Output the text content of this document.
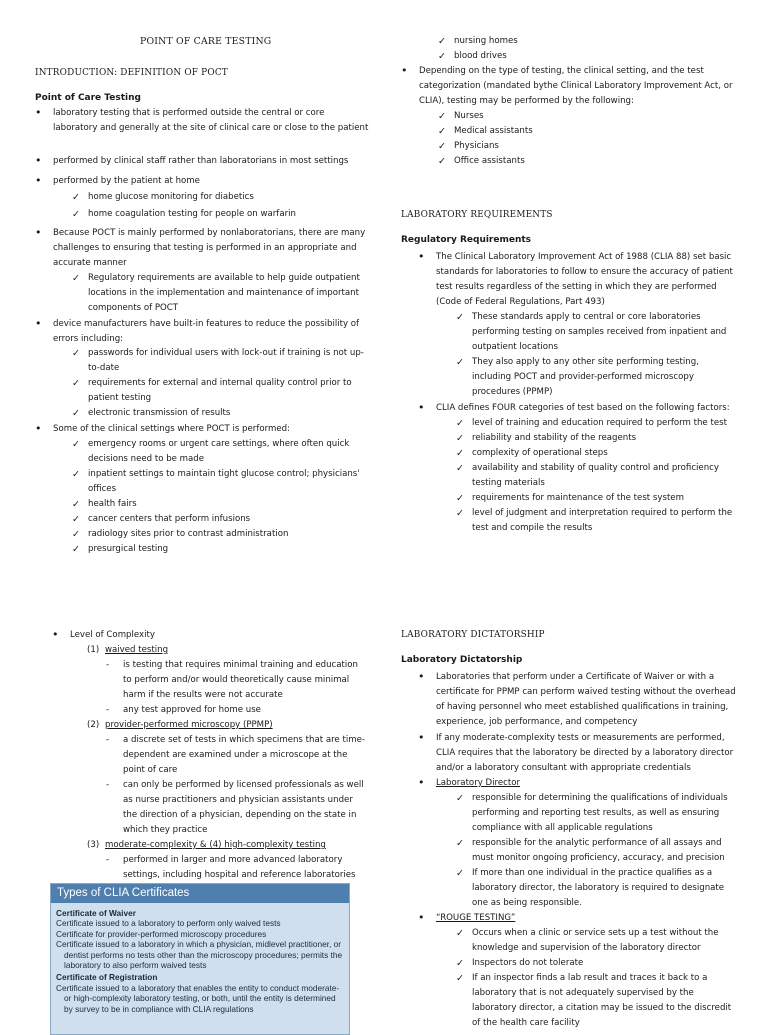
POINT OF CARE TESTING
INTRODUCTION: DEFINITION OF POCT
Point of Care Testing
• laboratory testing that is performed outside the central or core laboratory and generally at the site of clinical care or close to the patient
• performed by clinical staff rather than laboratorians in most settings
• performed by the patient at home
✓ home glucose monitoring for diabetics
✓ home coagulation testing for people on warfarin
• Because POCT is mainly performed by nonlaboratorians, there are many challenges to ensuring that testing is performed in an appropriate and accurate manner
✓ Regulatory requirements are available to help guide outpatient locations in the implementation and maintenance of important components of POCT
• device manufacturers have built-in features to reduce the possibility of errors including:
✓ passwords for individual users with lock-out if training is not up-to-date
✓ requirements for external and internal quality control prior to patient testing
✓ electronic transmission of results
• Some of the clinical settings where POCT is performed:
✓ emergency rooms or urgent care settings, where often quick decisions need to be made
✓ inpatient settings to maintain tight glucose control; physicians' offices
✓ health fairs
✓ cancer centers that perform infusions
✓ radiology sites prior to contrast administration
✓ presurgical testing
✓ nursing homes
✓ blood drives
• Depending on the type of testing, the clinical setting, and the test categorization (mandated bythe Clinical Laboratory Improvement Act, or CLIA), testing may be performed by the following:
✓ Nurses
✓ Medical assistants
✓ Physicians
✓ Office assistants
LABORATORY REQUIREMENTS
Regulatory Requirements
• The Clinical Laboratory Improvement Act of 1988 (CLIA 88) set basic standards for laboratories to follow to ensure the accuracy of patient test results regardless of the setting in which they are performed (Code of Federal Regulations, Part 493)
✓ These standards apply to central or core laboratories performing testing on samples received from inpatient and outpatient locations
✓ They also apply to any other site performing testing, including POCT and provider-performed microscopy procedures (PPMP)
• CLIA defines FOUR categories of test based on the following factors:
✓ level of training and education required to perform the test
✓ reliability and stability of the reagents
✓ complexity of operational steps
✓ availability and stability of quality control and proficiency testing materials
✓ requirements for maintenance of the test system
✓ level of judgment and interpretation required to perform the test and compile the results
• Level of Complexity
(1) waived testing
- is testing that requires minimal training and education to perform and/or would theoretically cause minimal harm if the results were not accurate
- any test approved for home use
(2) provider-performed microscopy (PPMP)
- a discrete set of tests in which specimens that are time-dependent are examined under a microscope at the point of care
- can only be performed by licensed professionals as well as nurse practitioners and physician assistants under the direction of a physician, depending on the state in which they practice
(3) moderate-complexity & (4) high-complexity testing
- performed in larger and more advanced laboratory settings, including hospital and reference laboratories
Types of CLIA Certificates
Certificate of Waiver
Certificate issued to a laboratory to perform only waived tests
Certificate for provider-performed microscopy procedures
Certificate issued to a laboratory in which a physician, midlevel practitioner, or dentist performs no tests other than the microscopy procedures; permits the laboratory to also perform waived tests
Certificate of Registration
Certificate issued to a laboratory that enables the entity to conduct moderate- or high-complexity laboratory testing, or both, until the entity is determined by survey to be in compliance with CLIA regulations
LABORATORY DICTATORSHIP
Laboratory Dictatorship
• Laboratories that perform under a Certificate of Waiver or with a certificate for PPMP can perform waived testing without the overhead of having personnel who meet established qualifications in training, experience, job performance, and competency
• If any moderate-complexity tests or measurements are performed, CLIA requires that the laboratory be directed by a laboratory director and/or a laboratory consultant with appropriate credentials
• Laboratory Director
✓ responsible for determining the qualifications of individuals performing and reporting test results, as well as ensuring compliance with all applicable regulations
✓ responsible for the analytic performance of all assays and must monitor ongoing proficiency, accuracy, and precision
✓ If more than one individual in the practice qualifies as a laboratory director, the laboratory is required to designate one as being responsible.
• “ROUGE TESTING”
✓ Occurs when a clinic or service sets up a test without the knowledge and supervision of the laboratory director
✓ Inspectors do not tolerate
✓ If an inspector finds a lab result and traces it back to a laboratory that is not adequately supervised by the laboratory director, a citation may be issued to the discredit of the health care facility
